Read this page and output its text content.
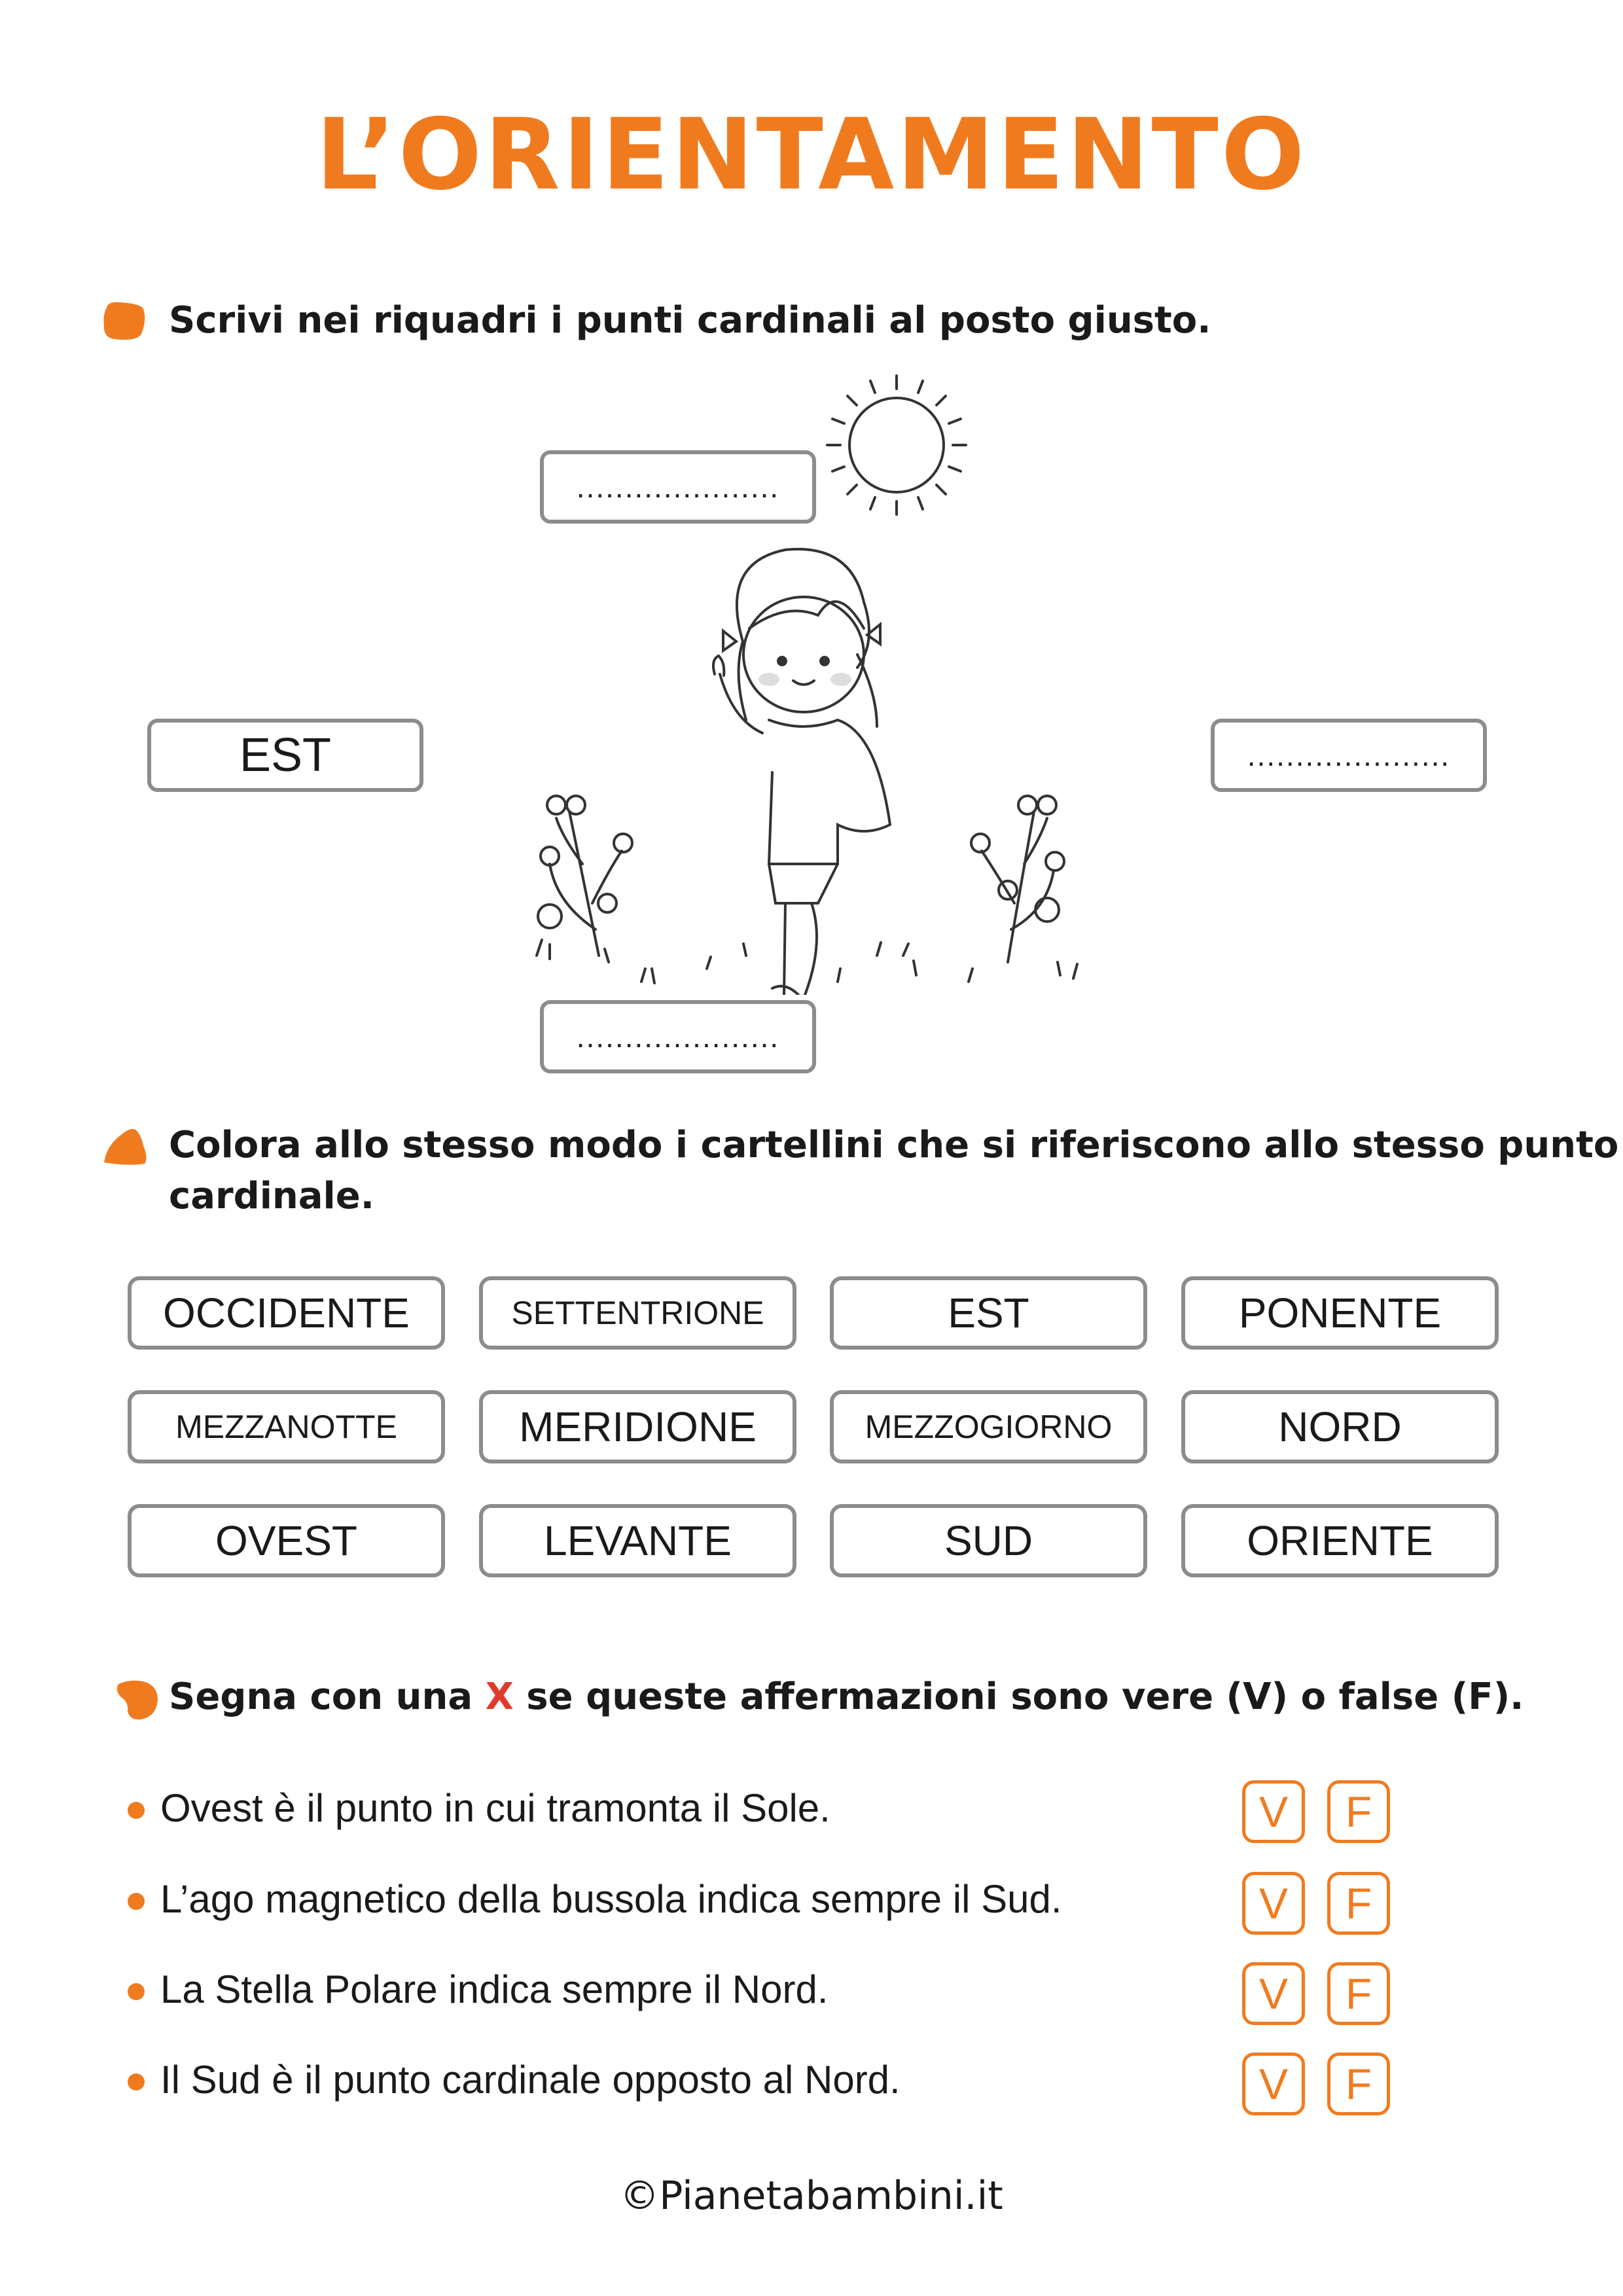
L’ORIENTAMENTO
Scrivi nei riquadri i punti cardinali al posto giusto.
.....................
EST	.....................
.....................
Colora allo stesso modo i cartellini che si riferiscono allo stesso punto
cardinale.
OCCIDENTE	SETTENTRIONE	EST	PONENTE
MEZZANOTTE	MERIDIONE	MEZZOGIORNO	NORD
OVEST	LEVANTE	SUD	ORIENTE
Segna con una X se queste affermazioni sono vere (V) o false (F).
Ovest è il punto in cui tramonta il Sole.	V	F
L’ago magnetico della bussola indica sempre il Sud.	V	F
La Stella Polare indica sempre il Nord.	V	F
Il Sud è il punto cardinale opposto al Nord.	V	F
©Pianetabambini.it
